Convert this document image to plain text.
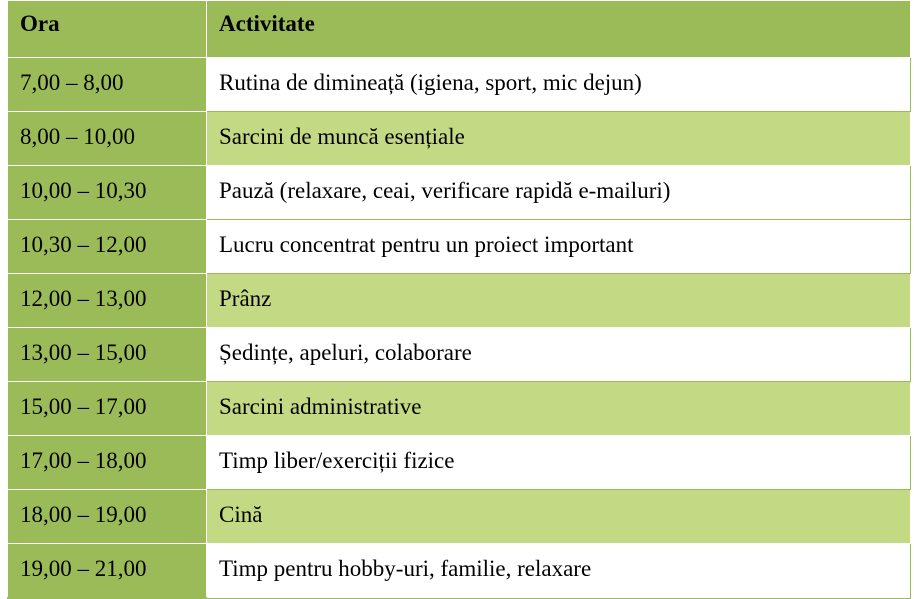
Ora	Activitate
7,00 – 8,00	Rutina de dimineață (igiena, sport, mic dejun)
8,00 – 10,00	Sarcini de muncă esențiale
10,00 – 10,30	Pauză (relaxare, ceai, verificare rapidă e-mailuri)
10,30 – 12,00	Lucru concentrat pentru un proiect important
12,00 – 13,00	Prânz
13,00 – 15,00	Ședințe, apeluri, colaborare
15,00 – 17,00	Sarcini administrative
17,00 – 18,00	Timp liber/exerciții fizice
18,00 – 19,00	Cină
19,00 – 21,00	Timp pentru hobby-uri, familie, relaxare
